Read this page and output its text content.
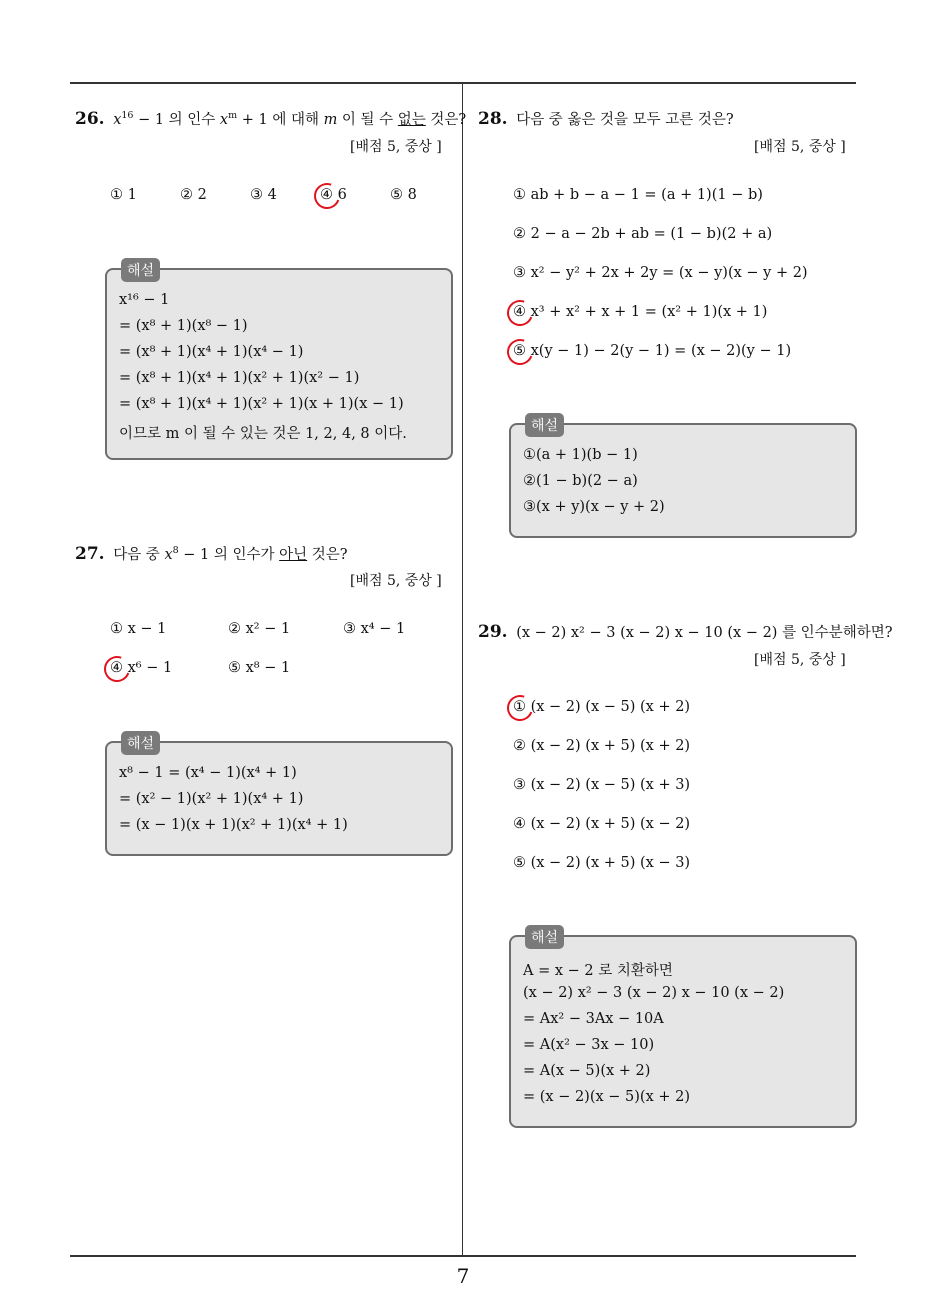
7
26. $x^{16} - 1$ 의 인수 $x^m + 1$ 에 대해 m 이 될 수 없는 것은?
[배점 5, 중상 ]
① 1	② 2	③ 4	④ 6	⑤ 8
해설
x¹⁶ − 1
= (x⁸ + 1)(x⁸ − 1)
= (x⁸ + 1)(x⁴ + 1)(x⁴ − 1)
= (x⁸ + 1)(x⁴ + 1)(x² + 1)(x² − 1)
= (x⁸ + 1)(x⁴ + 1)(x² + 1)(x + 1)(x − 1)
이므로 m 이 될 수 있는 것은 1, 2, 4, 8 이다.
27. 다음 중 $x^8 - 1$ 의 인수가 아닌 것은?
[배점 5, 중상 ]
① x − 1	② x² − 1	③ x⁴ − 1
④ x⁶ − 1	⑤ x⁸ − 1
해설
x⁸ − 1 = (x⁴ − 1)(x⁴ + 1)
= (x² − 1)(x² + 1)(x⁴ + 1)
= (x − 1)(x + 1)(x² + 1)(x⁴ + 1)
28. 다음 중 옳은 것을 모두 고른 것은?
[배점 5, 중상 ]
① ab + b − a − 1 = (a + 1)(1 − b)
② 2 − a − 2b + ab = (1 − b)(2 + a)
③ x² − y² + 2x + 2y = (x − y)(x − y + 2)
④ x³ + x² + x + 1 = (x² + 1)(x + 1)
⑤ x(y − 1) − 2(y − 1) = (x − 2)(y − 1)
해설
①(a + 1)(b − 1)
②(1 − b)(2 − a)
③(x + y)(x − y + 2)
29. (x − 2) x² − 3 (x − 2) x − 10 (x − 2) 를 인수분해하면?
[배점 5, 중상 ]
① (x − 2) (x − 5) (x + 2)
② (x − 2) (x + 5) (x + 2)
③ (x − 2) (x − 5) (x + 3)
④ (x − 2) (x + 5) (x − 2)
⑤ (x − 2) (x + 5) (x − 3)
해설
A = x − 2 로 치환하면
(x − 2) x² − 3 (x − 2) x − 10 (x − 2)
= Ax² − 3Ax − 10A
= A(x² − 3x − 10)
= A(x − 5)(x + 2)
= (x − 2)(x − 5)(x + 2)
